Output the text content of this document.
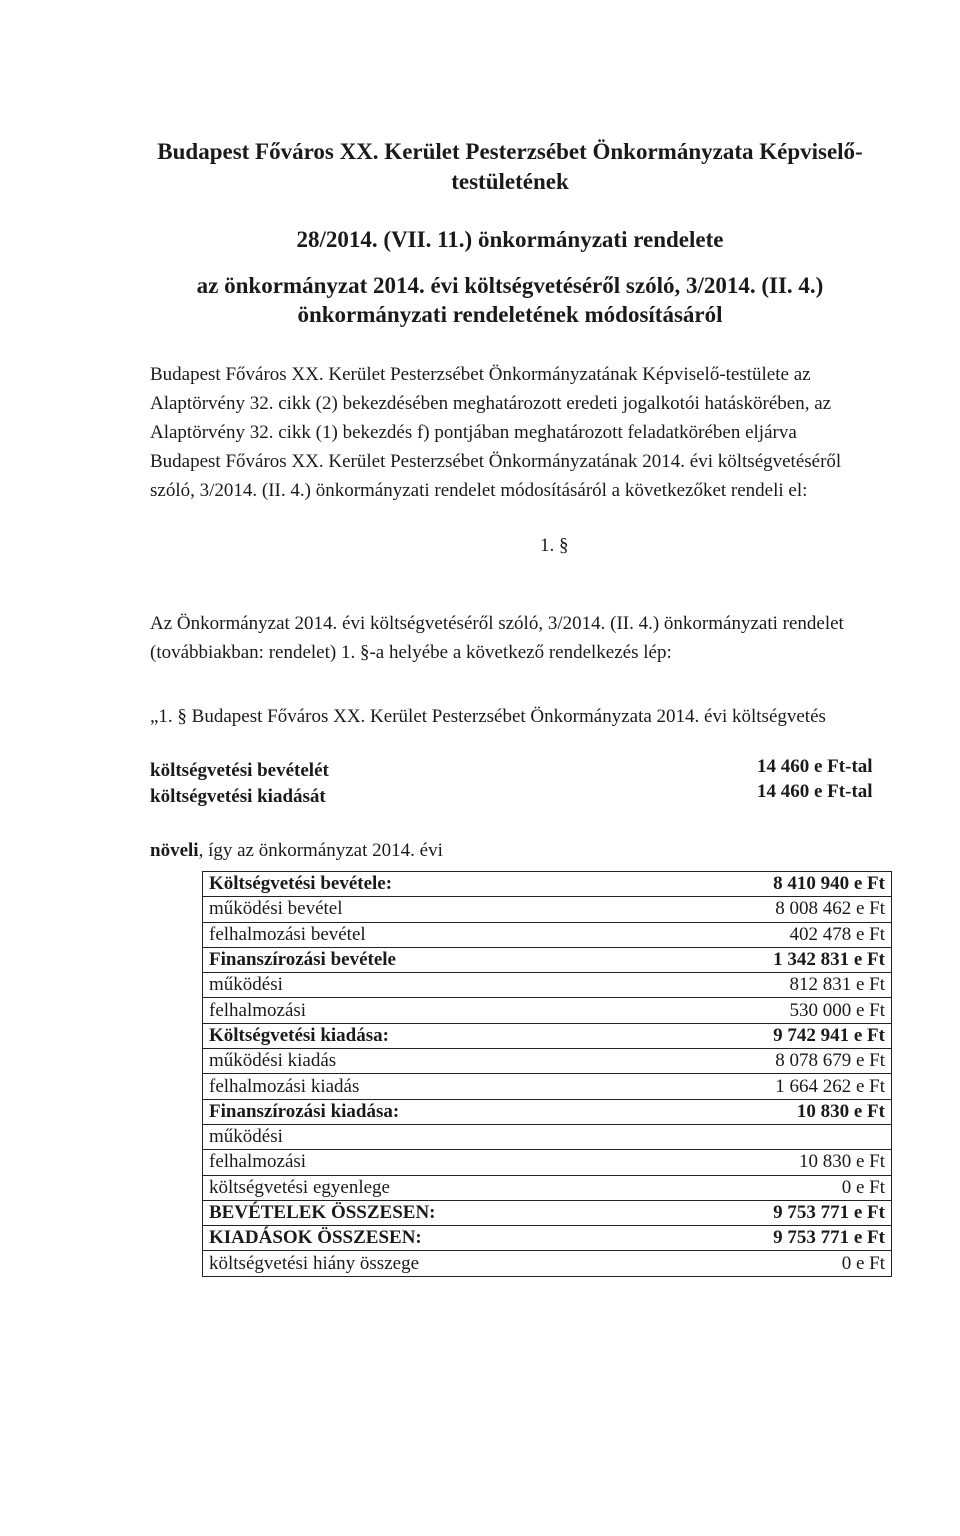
Budapest Főváros XX. Kerület Pesterzsébet Önkormányzata Képviselő-
testületének
28/2014. (VII. 11.) önkormányzati rendelete
az önkormányzat 2014. évi költségvetéséről szóló, 3/2014. (II. 4.)
önkormányzati rendeletének módosításáról
Budapest Főváros XX. Kerület Pesterzsébet Önkormányzatának Képviselő-testülete az
Alaptörvény 32. cikk (2) bekezdésében meghatározott eredeti jogalkotói hatáskörében, az
Alaptörvény 32. cikk (1) bekezdés f) pontjában meghatározott feladatkörében eljárva
Budapest Főváros XX. Kerület Pesterzsébet Önkormányzatának 2014. évi költségvetéséről
szóló, 3/2014. (II. 4.) önkormányzati rendelet módosításáról a következőket rendeli el:
1. §
Az Önkormányzat 2014. évi költségvetéséről szóló, 3/2014. (II. 4.) önkormányzati rendelet
(továbbiakban: rendelet) 1. §-a helyébe a következő rendelkezés lép:
„1. § Budapest Főváros XX. Kerület Pesterzsébet Önkormányzata 2014. évi költségvetés
költségvetési bevételét	14 460 e Ft-tal
költségvetési kiadását	14 460 e Ft-tal
növeli, így az önkormányzat 2014. évi
Költségvetési bevétele:	8 410 940 e Ft
működési bevétel	8 008 462 e Ft
felhalmozási bevétel	402 478 e Ft
Finanszírozási bevétele	1 342 831 e Ft
működési	812 831 e Ft
felhalmozási	530 000 e Ft
Költségvetési kiadása:	9 742 941 e Ft
működési kiadás	8 078 679 e Ft
felhalmozási kiadás	1 664 262 e Ft
Finanszírozási kiadása:	10 830 e Ft
működési	
felhalmozási	10 830 e Ft
költségvetési egyenlege	0 e Ft
BEVÉTELEK ÖSSZESEN:	9 753 771 e Ft
KIADÁSOK ÖSSZESEN:	9 753 771 e Ft
költségvetési hiány összege	0 e Ft
